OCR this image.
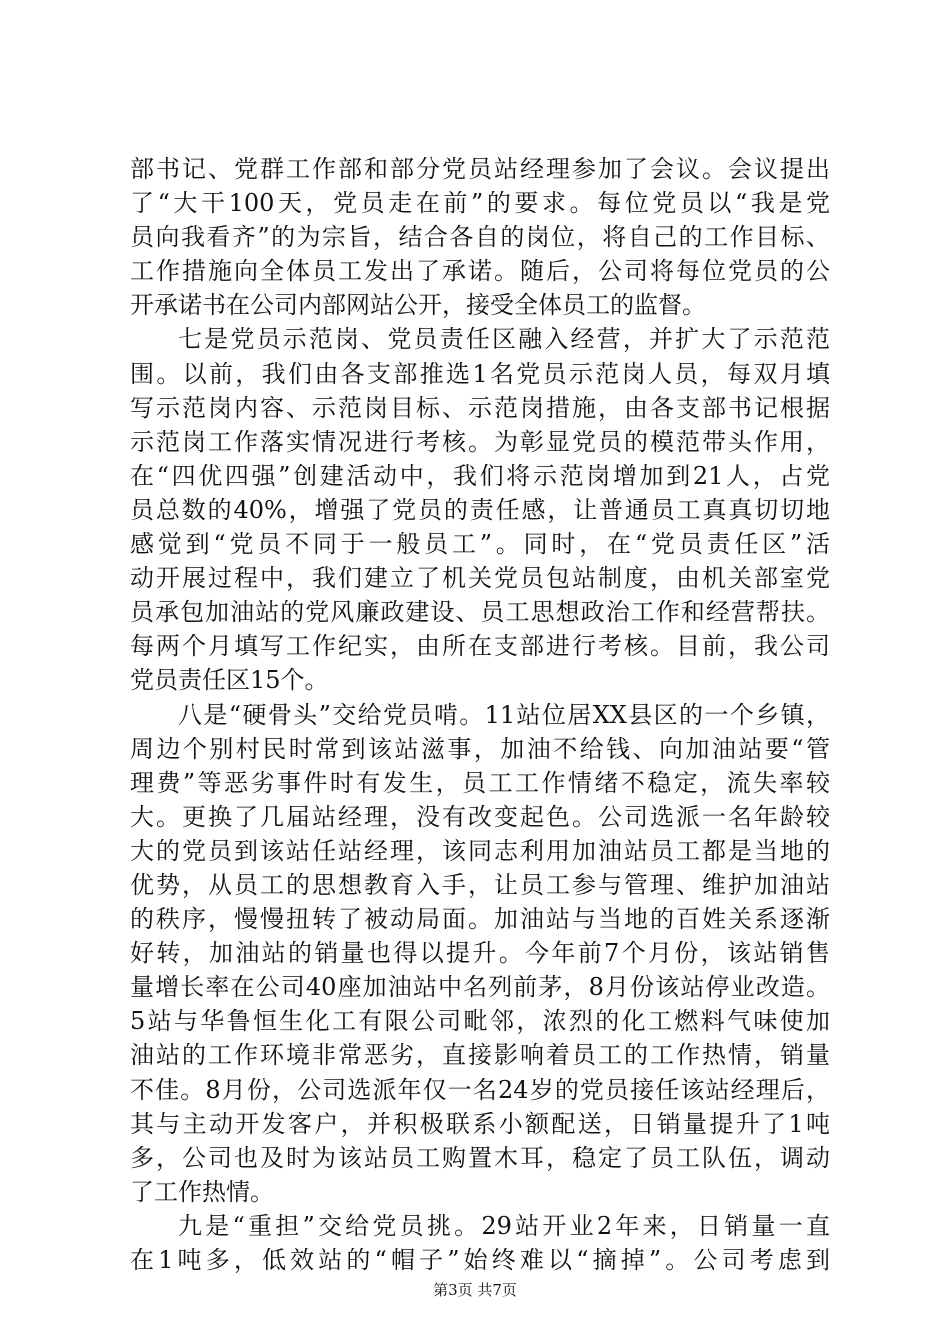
部书记、党群工作部和部分党员站经理参加了会议。会议提出
了“大干100天，党员走在前”的要求。每位党员以“我是党
员向我看齐”的为宗旨，结合各自的岗位，将自己的工作目标、
工作措施向全体员工发出了承诺。随后，公司将每位党员的公
开承诺书在公司内部网站公开，接受全体员工的监督。
七是党员示范岗、党员责任区融入经营，并扩大了示范范
围。以前，我们由各支部推选1名党员示范岗人员，每双月填
写示范岗内容、示范岗目标、示范岗措施，由各支部书记根据
示范岗工作落实情况进行考核。为彰显党员的模范带头作用，
在“四优四强”创建活动中，我们将示范岗增加到21人，占党
员总数的40%，增强了党员的责任感，让普通员工真真切切地
感觉到“党员不同于一般员工”。同时，在“党员责任区”活
动开展过程中，我们建立了机关党员包站制度，由机关部室党
员承包加油站的党风廉政建设、员工思想政治工作和经营帮扶。
每两个月填写工作纪实，由所在支部进行考核。目前，我公司
党员责任区15个。
八是“硬骨头”交给党员啃。11站位居XX县区的一个乡镇，
周边个别村民时常到该站滋事，加油不给钱、向加油站要“管
理费”等恶劣事件时有发生，员工工作情绪不稳定，流失率较
大。更换了几届站经理，没有改变起色。公司选派一名年龄较
大的党员到该站任站经理，该同志利用加油站员工都是当地的
优势，从员工的思想教育入手，让员工参与管理、维护加油站
的秩序，慢慢扭转了被动局面。加油站与当地的百姓关系逐渐
好转，加油站的销量也得以提升。今年前7个月份，该站销售
量增长率在公司40座加油站中名列前茅，8月份该站停业改造。
5站与华鲁恒生化工有限公司毗邻，浓烈的化工燃料气味使加
油站的工作环境非常恶劣，直接影响着员工的工作热情，销量
不佳。8月份，公司选派年仅一名24岁的党员接任该站经理后，
其与主动开发客户，并积极联系小额配送，日销量提升了1吨
多，公司也及时为该站员工购置木耳，稳定了员工队伍，调动
了工作热情。
九是“重担”交给党员挑。29站开业2年来，日销量一直
在1吨多，低效站的“帽子”始终难以“摘掉”。公司考虑到
第3页 共7页
